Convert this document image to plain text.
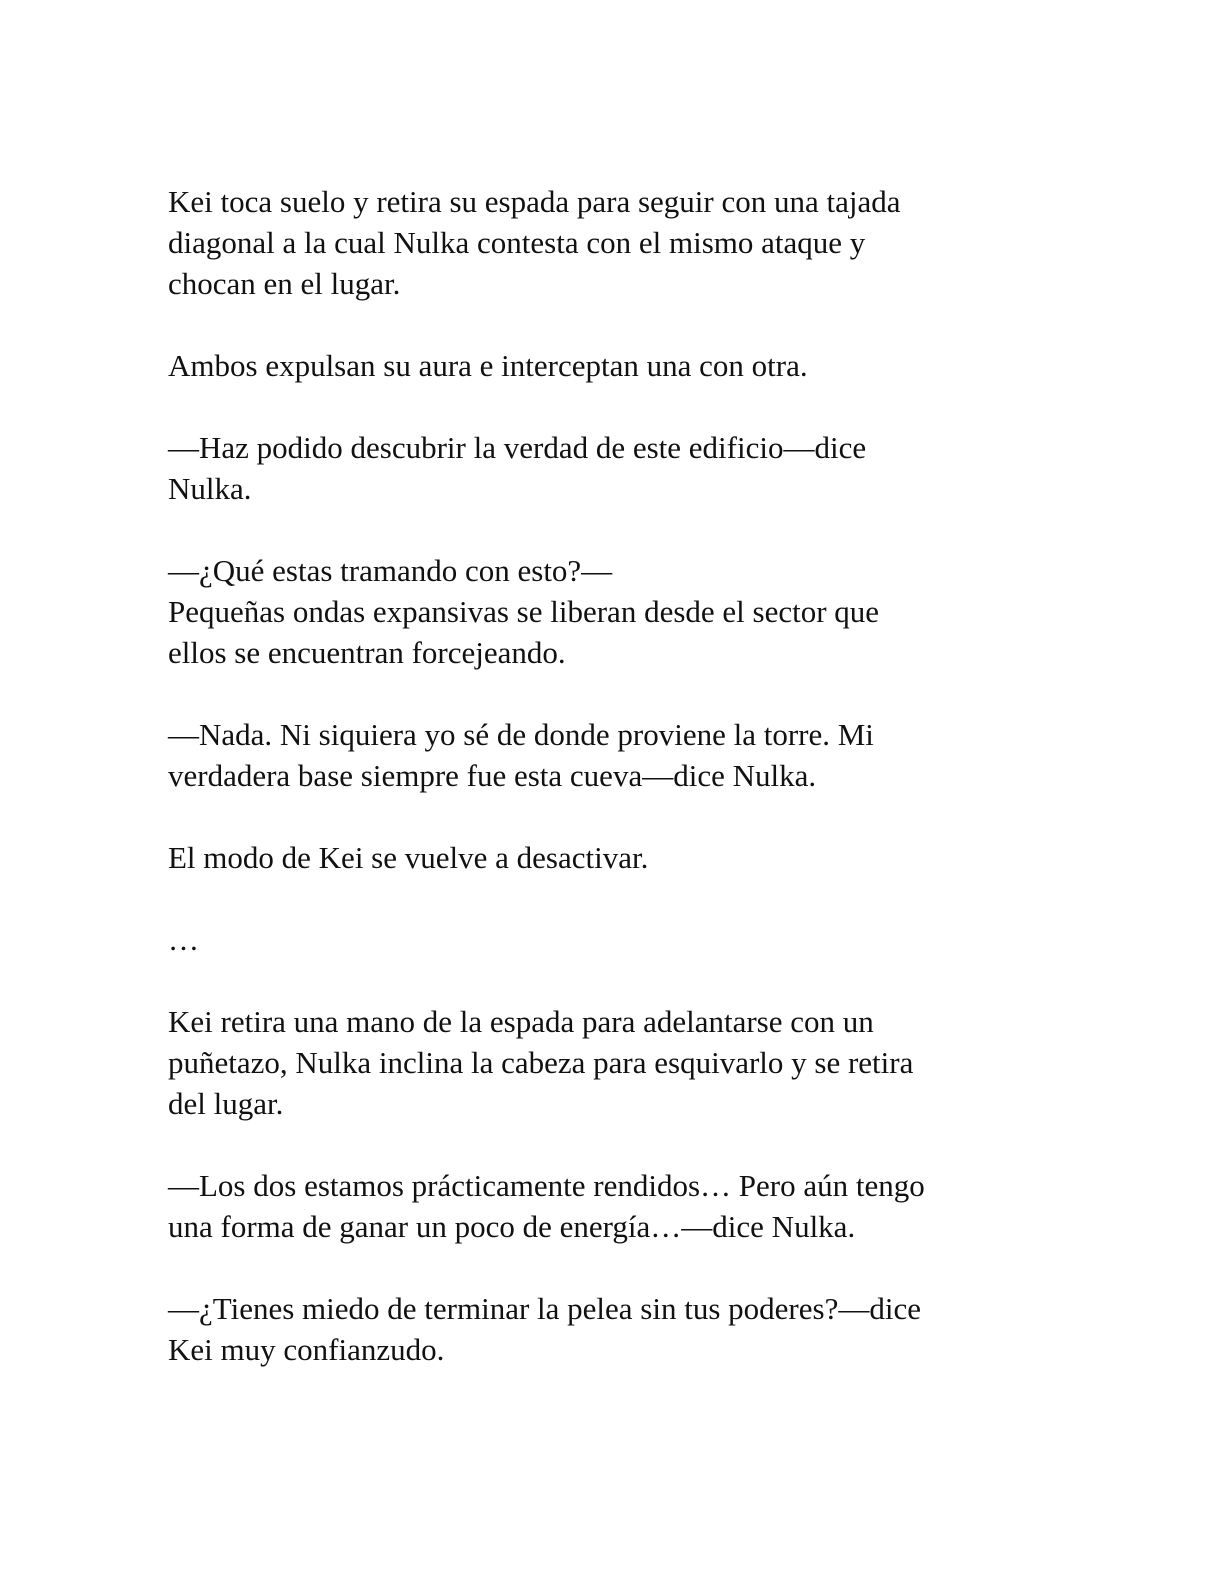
Kei toca suelo y retira su espada para seguir con una tajada
diagonal a la cual Nulka contesta con el mismo ataque y
chocan en el lugar.

Ambos expulsan su aura e interceptan una con otra.

—Haz podido descubrir la verdad de este edificio—dice
Nulka.

—¿Qué estas tramando con esto?—

Pequeñas ondas expansivas se liberan desde el sector que
ellos se encuentran forcejeando.

—Nada. Ni siquiera yo sé de donde proviene la torre. Mi
verdadera base siempre fue esta cueva—dice Nulka.

El modo de Kei se vuelve a desactivar.

…

Kei retira una mano de la espada para adelantarse con un
puñetazo, Nulka inclina la cabeza para esquivarlo y se retira
del lugar.

—Los dos estamos prácticamente rendidos… Pero aún tengo
una forma de ganar un poco de energía…—dice Nulka.

—¿Tienes miedo de terminar la pelea sin tus poderes?—dice
Kei muy confianzudo.
